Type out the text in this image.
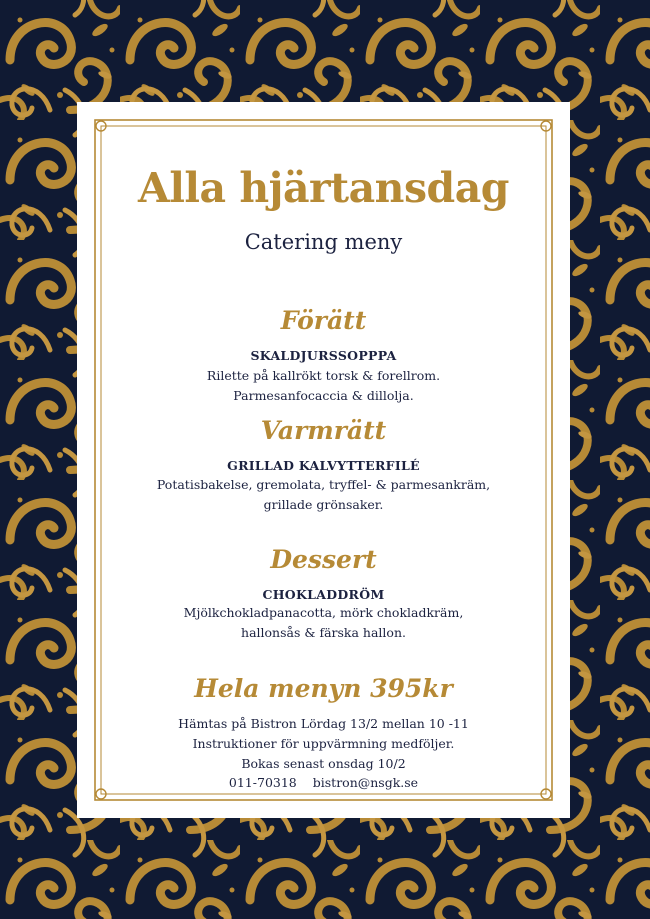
Alla hjärtansdag
Catering meny
Förätt
SKALDJURSSOPPPA
Rilette på kallrökt torsk & forellrom.
Parmesanfocaccia & dillolja.
Varmrätt
GRILLAD KALVYTTERFILÉ
Potatisbakelse, gremolata, tryffel- & parmesankräm,
grillade grönsaker.
Dessert
CHOKLADDRÖM
Mjölkchokladpanacotta, mörk chokladkräm,
hallonsås & färska hallon.
Hela menyn 395kr
Hämtas på Bistron Lördag 13/2 mellan 10 -11
Instruktioner för uppvärmning medföljer.
Bokas senast onsdag 10/2
011-70318 bistron@nsgk.se
